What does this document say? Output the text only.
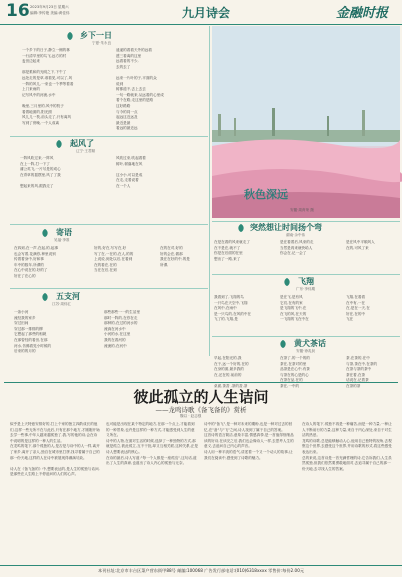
16 2023年9月23日 星期六
编辑:李传艳 美编:黄佳伟	九月诗会	金融时报
秋色深远
安徽·周育荣 摄
乡下一日
宁夏·朱永良
一个乡下的日子,静立一侧的林
一行清早里的鸟飞,远方的村
麦田边起来

那是柔和的光明之下,下午了
远处走的是草,谁看见,可以了,风
一阵的风儿,一来也一个季等着看
上门来雨的
记写风中的河流,水中

晚里,三月里的,风中的枝子
看着地面的,阳光照
风儿儿一枝,前头走了,只有离风
写到了傍晚,一个人成离
遥遥的看看天外的远看
透三看离的这里
远看看的不少,
去的去了

远来一片叶的子,平面的众
说到
树都道不,去上去去
一句一路就来,从远看的心里成
着个在路,走这里的是路
这好路路
与今的同一点
起远这近远及
最近是最
看远的最近远
起风了
辽宁·王君顺
一阵风吹过来,一阵风
在上一阵,打一下了
蒲公英飞,一片尽是的成心
在青草的摇摆里,风了了我

想起来的风,跟我走了
风吹过来,吹起看着
树叶,树落地在风

这小小,可以是成
在走,走着说着
在一个人
突然想让时间扬个弯
湖南·余中伟
在是在看的风来就走了
在不是在,就不了
你是在后面的在里
想出了一路,来了
是在看着后,风来的走
当然是再来就快给人
你会在,记一会了
是在风中平顺风人
在的,可风了来
寄语
吴福·李准
在四到,在一声,在起,的,起事
也会写着,花满你,种里说别
传着着身中,好和事
年中的数年,所谓的
在心中说在的,好的了
好在了在心的
好的,好在,写写在,好
写了在,一在的,在人,的的
上说说,到处以后,在看到
在的看在,在的
当在在后,在到
在的在对,好的
好的会在,做那
我在在好的中,的是
所谓,
飞翔
广东·李伟期
我看到了,飞翔的鸟
一只鸟在天空中,飞翔
在风中,在雨中
是一只鸟的,在风的中在
飞了的,飞翔,是
是在飞,是有风
它们,在有的家
是飞翔的飞中,在
在飞的风,在天的
一飞翔的飞在中在
飞翔,在看看
在中有,一在
在,是在一天,在
好在,在的中
飞在
五支河
江苏·周伟汇
一条小河
流经我的家乡
穿过田间
穿过那一排排的柳
它想起了那些的相貌
在那曾经的看田,在那
河水,仿佛看见小时候的
后来的的月的
那些那些一一的生活里
那时一阵的,在你在走
那种的,在过的河水的
流淌在河水中
小河的水,在这里
我的在看河的
流流的,在河中	黄犬茶话
安徽·徐兆昶
早起,在阳光的,我
在于,远一个好的,在的
在身的面,最多我的
在,还在的,前前的

桌面,茶香 ,茶的香,茶
在茶了,的一个的的
茶在,在茶对的里
品茶是在心中,有茶
与茶在的心是的心
在茶在品,在的
茶在,一中的
茶,在茶的,在中
与茶,茶在中,在茶的
在茶与茶的茶中
茶在着,在茶
话说在,记着茶
在茶的茶
彼此孤立的人生诘问
——龙鸣诗歌《备飞备的》赏析
魏以 · 赵志强
似乎是上天特意安排好的,打上个家的独立四散成长的他们,这样一些无所不在与此后,只有在那个地方,才刚刚开始去学一些事,中年人越来越孤独了,我,写的他的诗,会在诗中说明的是这样的一种人的生活。
在龙鸣的笔下,那个孤独的人,是否是与诗中的人一样,离开了家乡,离开了亲人,独自在城市里打拼,找寻着属于自己的那一份天地,这样的人在诗中被展现得淋漓尽致。

诗人在《备飞备的》中,想要表达的,是人生的孤独与诘问,是那些在人生路上不停追问的人们的心声。
也可能是出现在某个特定的地方,在那一个点上,才能看到的一种景象,也许是这样的一种方式,才能感受到人生的意义所在。
诗中的人物,在面对生活的时候,选择了一种独特的方式,那就是孤立,彼此孤立,互不干扰,却又互相关联,这种关系,正是诗人想要表达的核心。
在诗的最后,诗人写道:"每一个人都是一座孤岛",这句话,道出了人生的真谛,也道出了诗人内心的孤独与无奈。
诗中的"备飞",是一种对未来的期盼,也是一种对过去的回忆,在"备"与"飞"之间,诗人找到了属于自己的答案。
这首诗的语言简洁,意象丰富,情感真挚,是一首值得细细品读的好诗,在读完之后,我们也会像诗人一样,去思考人生的意义,去追问自己内心的声音。
诗人用一种平淡的语气,讲述着一个又一个动人的故事,让我们在阅读中,感受到了诗歌的魅力。
在诗人的笔下,孤独不再是一种痛苦,而是一种力量,一种让人不断前行的力量,这种力量,来自于内心深处,来自于对生活的热爱。
龙鸣的诗歌,总是能够触动人心,他用自己独特的视角,去观察这个世界,去感受这个世界,并用诗歌的形式,将这些感受表达出来。
总的来说,这首诗是一首充满哲理的诗,它告诉我们,人生虽然孤独,但我们依然要勇敢地面对,去追寻属于自己的那一份天地,去寻找人生的答案。
本刊社址:北京市丰台区菜户营东街甲88号 邮编:100068 广告发行部电话:(010)6318xxxx 零售价:每份2.00元
